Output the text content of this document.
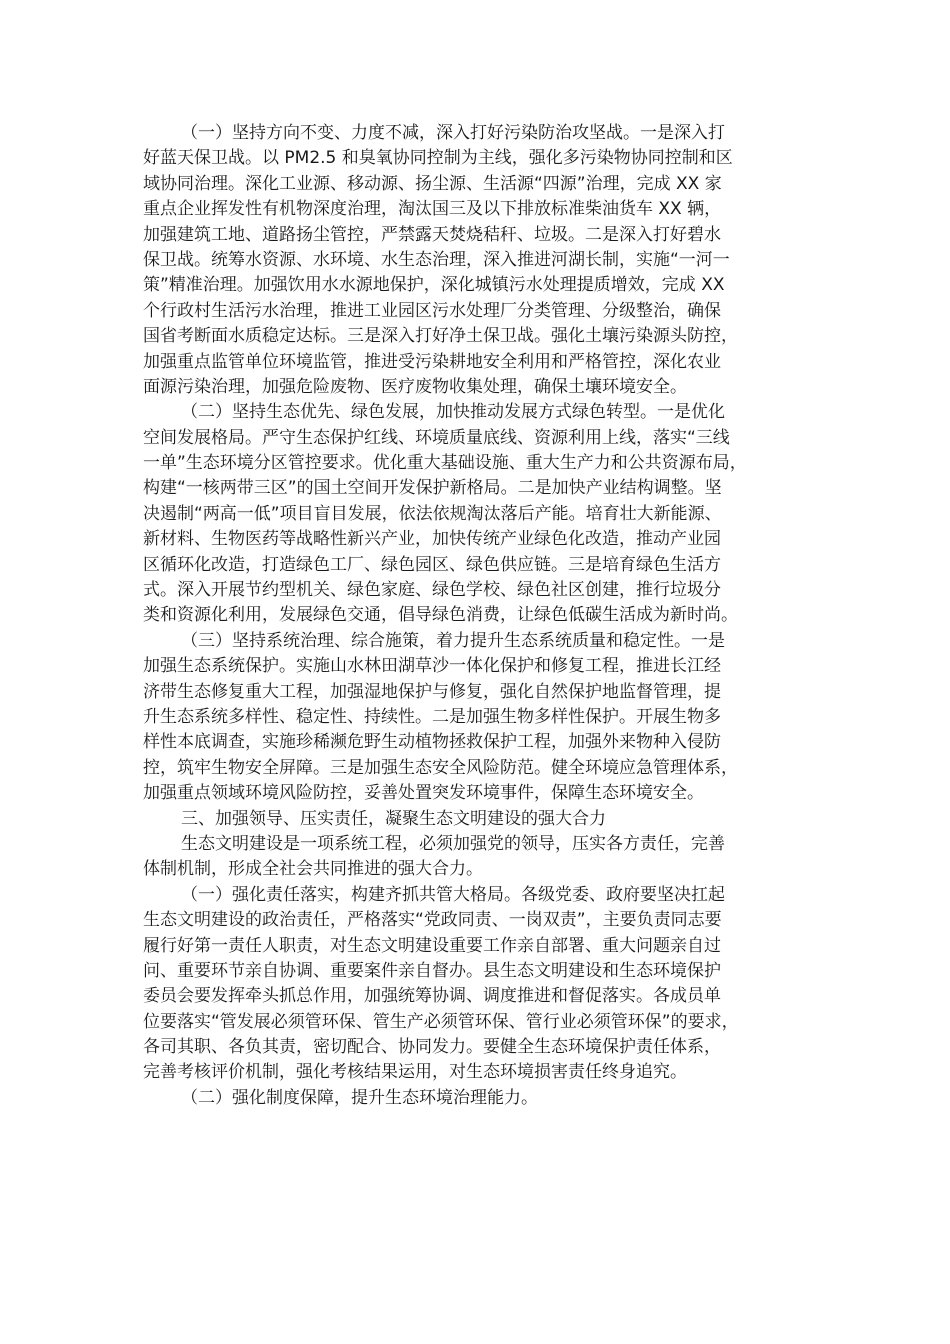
（一）坚持方向不变、力度不减，深入打好污染防治攻坚战。一是深入打
好蓝天保卫战。以 PM2.5 和臭氧协同控制为主线，强化多污染物协同控制和区
域协同治理。深化工业源、移动源、扬尘源、生活源“四源”治理，完成 XX 家
重点企业挥发性有机物深度治理，淘汰国三及以下排放标准柴油货车 XX 辆，
加强建筑工地、道路扬尘管控，严禁露天焚烧秸秆、垃圾。二是深入打好碧水
保卫战。统筹水资源、水环境、水生态治理，深入推进河湖长制，实施“一河一
策”精准治理。加强饮用水水源地保护，深化城镇污水处理提质增效，完成 XX
个行政村生活污水治理，推进工业园区污水处理厂分类管理、分级整治，确保
国省考断面水质稳定达标。三是深入打好净土保卫战。强化土壤污染源头防控，
加强重点监管单位环境监管，推进受污染耕地安全利用和严格管控，深化农业
面源污染治理，加强危险废物、医疗废物收集处理，确保土壤环境安全。
（二）坚持生态优先、绿色发展，加快推动发展方式绿色转型。一是优化
空间发展格局。严守生态保护红线、环境质量底线、资源利用上线，落实“三线
一单”生态环境分区管控要求。优化重大基础设施、重大生产力和公共资源布局，
构建“一核两带三区”的国土空间开发保护新格局。二是加快产业结构调整。坚
决遏制“两高一低”项目盲目发展，依法依规淘汰落后产能。培育壮大新能源、
新材料、生物医药等战略性新兴产业，加快传统产业绿色化改造，推动产业园
区循环化改造，打造绿色工厂、绿色园区、绿色供应链。三是培育绿色生活方
式。深入开展节约型机关、绿色家庭、绿色学校、绿色社区创建，推行垃圾分
类和资源化利用，发展绿色交通，倡导绿色消费，让绿色低碳生活成为新时尚。
（三）坚持系统治理、综合施策，着力提升生态系统质量和稳定性。一是
加强生态系统保护。实施山水林田湖草沙一体化保护和修复工程，推进长江经
济带生态修复重大工程，加强湿地保护与修复，强化自然保护地监督管理，提
升生态系统多样性、稳定性、持续性。二是加强生物多样性保护。开展生物多
样性本底调查，实施珍稀濒危野生动植物拯救保护工程，加强外来物种入侵防
控，筑牢生物安全屏障。三是加强生态安全风险防范。健全环境应急管理体系，
加强重点领域环境风险防控，妥善处置突发环境事件，保障生态环境安全。
三、加强领导、压实责任，凝聚生态文明建设的强大合力
生态文明建设是一项系统工程，必须加强党的领导，压实各方责任，完善
体制机制，形成全社会共同推进的强大合力。
（一）强化责任落实，构建齐抓共管大格局。各级党委、政府要坚决扛起
生态文明建设的政治责任，严格落实“党政同责、一岗双责”，主要负责同志要
履行好第一责任人职责，对生态文明建设重要工作亲自部署、重大问题亲自过
问、重要环节亲自协调、重要案件亲自督办。县生态文明建设和生态环境保护
委员会要发挥牵头抓总作用，加强统筹协调、调度推进和督促落实。各成员单
位要落实“管发展必须管环保、管生产必须管环保、管行业必须管环保”的要求，
各司其职、各负其责，密切配合、协同发力。要健全生态环境保护责任体系，
完善考核评价机制，强化考核结果运用，对生态环境损害责任终身追究。
（二）强化制度保障，提升生态环境治理能力。
